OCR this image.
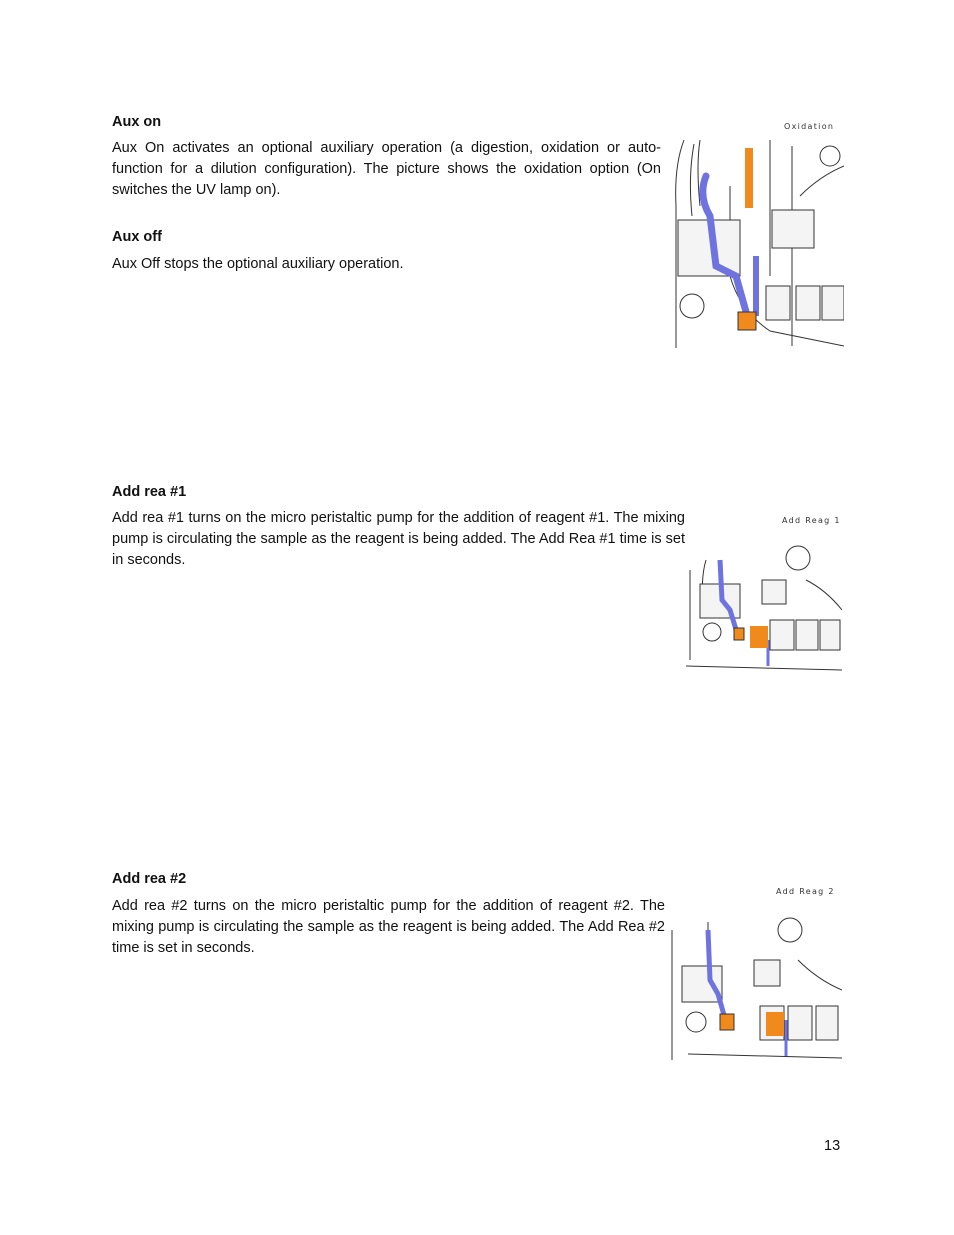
Aux on
Aux On activates an optional auxiliary operation (a digestion, oxidation or auto-function for a dilution configuration). The picture shows the oxidation option (On switches the UV lamp on).
Oxidation
Aux off
Aux Off stops the optional auxiliary operation.
Add rea #1
Add rea #1 turns on the micro peristaltic pump for the addition of reagent #1. The mixing pump is circulating the sample as the reagent is being added. The Add Rea #1 time is set in seconds.
Add Reag 1
Add rea #2
Add rea #2 turns on the micro peristaltic pump for the addition of reagent #2. The mixing pump is circulating the sample as the reagent is being added. The Add Rea #2 time is set in seconds.
Add Reag 2
13
